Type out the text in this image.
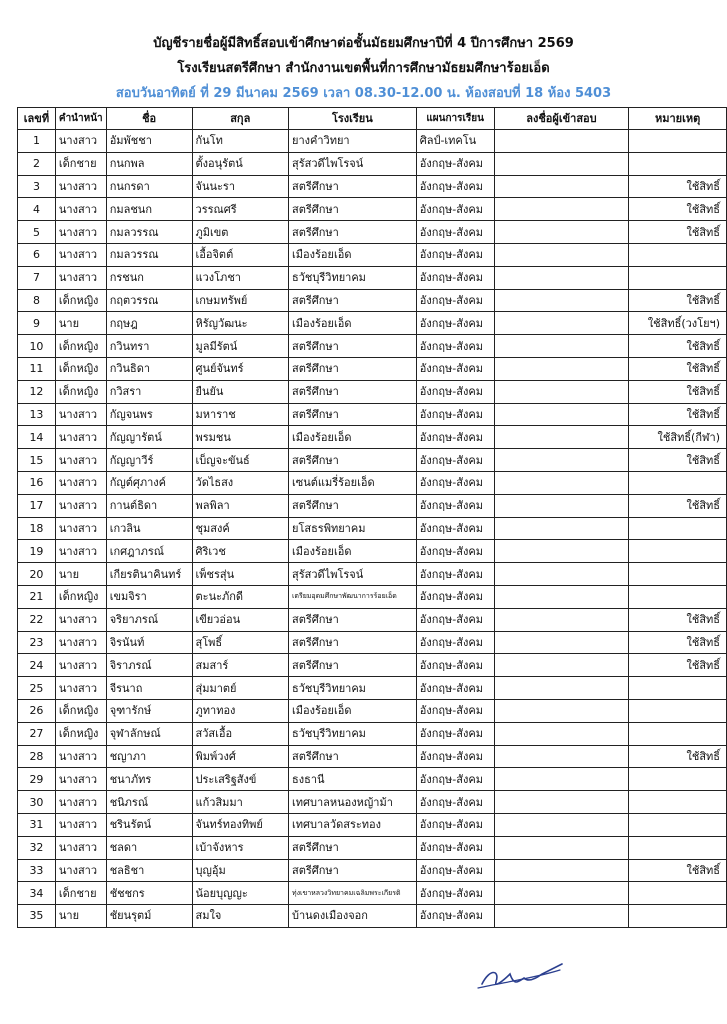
บัญชีรายชื่อผู้มีสิทธิ์สอบเข้าศึกษาต่อชั้นมัธยมศึกษาปีที่ 4 ปีการศึกษา 2569
โรงเรียนสตรีศึกษา สำนักงานเขตพื้นที่การศึกษามัธยมศึกษาร้อยเอ็ด
สอบวันอาทิตย์ ที่ 29 มีนาคม 2569 เวลา 08.30-12.00 น. ห้องสอบที่ 18 ห้อง 5403
เลขที่	คำนำหน้า	ชื่อ	สกุล	โรงเรียน	แผนการเรียน	ลงชื่อผู้เข้าสอบ	หมายเหตุ
1	นางสาว	อัมพัชชา	กันโท	ยางคำวิทยา	ศิลป์-เทคโน		
2	เด็กชาย	กนกพล	ตั้งอนุรัตน์	สุรัสวดีไพโรจน์	อังกฤษ-สังคม		
3	นางสาว	กนกรดา	จันนะรา	สตรีศึกษา	อังกฤษ-สังคม		ใช้สิทธิ์
4	นางสาว	กมลชนก	วรรณศรี	สตรีศึกษา	อังกฤษ-สังคม		ใช้สิทธิ์
5	นางสาว	กมลวรรณ	ภูมิเขต	สตรีศึกษา	อังกฤษ-สังคม		ใช้สิทธิ์
6	นางสาว	กมลวรรณ	เอื้อจิตต์	เมืองร้อยเอ็ด	อังกฤษ-สังคม		
7	นางสาว	กรชนก	แวงโภชา	ธวัชบุรีวิทยาคม	อังกฤษ-สังคม		
8	เด็กหญิง	กฤตวรรณ	เกษมทรัพย์	สตรีศึกษา	อังกฤษ-สังคม		ใช้สิทธิ์
9	นาย	กฤษฎ	หิรัญวัฒนะ	เมืองร้อยเอ็ด	อังกฤษ-สังคม		ใช้สิทธิ์(วงโยฯ)
10	เด็กหญิง	กวินทรา	มูลมีรัตน์	สตรีศึกษา	อังกฤษ-สังคม		ใช้สิทธิ์
11	เด็กหญิง	กวินธิดา	ศูนย์จันทร์	สตรีศึกษา	อังกฤษ-สังคม		ใช้สิทธิ์
12	เด็กหญิง	กวิสรา	ยืนยัน	สตรีศึกษา	อังกฤษ-สังคม		ใช้สิทธิ์
13	นางสาว	กัญจนพร	มหาราช	สตรีศึกษา	อังกฤษ-สังคม		ใช้สิทธิ์
14	นางสาว	กัญญารัตน์	พรมชน	เมืองร้อยเอ็ด	อังกฤษ-สังคม		ใช้สิทธิ์(กีฬา)
15	นางสาว	กัญญาวีร์	เบ็ญจะขันธ์	สตรีศึกษา	อังกฤษ-สังคม		ใช้สิทธิ์
16	นางสาว	กัญต์ศุภางค์	วัดไธสง	เซนต์แมรี่ร้อยเอ็ด	อังกฤษ-สังคม		
17	นางสาว	กานต์ธิดา	พลพิลา	สตรีศึกษา	อังกฤษ-สังคม		ใช้สิทธิ์
18	นางสาว	เกวลิน	ชุมสงค์	ยโสธรพิทยาคม	อังกฤษ-สังคม		
19	นางสาว	เกศฎาภรณ์	ศิริเวช	เมืองร้อยเอ็ด	อังกฤษ-สังคม		
20	นาย	เกียรตินาคินทร์	เพ็ชรสุ่น	สุรัสวดีไพโรจน์	อังกฤษ-สังคม		
21	เด็กหญิง	เขมจิรา	ตะนะภักดี	เตรียมอุดมศึกษาพัฒนาการร้อยเอ็ด	อังกฤษ-สังคม		
22	นางสาว	จริยาภรณ์	เขียวอ่อน	สตรีศึกษา	อังกฤษ-สังคม		ใช้สิทธิ์
23	นางสาว	จิรนันท์	สุโพธิ์	สตรีศึกษา	อังกฤษ-สังคม		ใช้สิทธิ์
24	นางสาว	จิราภรณ์	สมสาร์	สตรีศึกษา	อังกฤษ-สังคม		ใช้สิทธิ์
25	นางสาว	จีรนาถ	สุ่มมาตย์	ธวัชบุรีวิทยาคม	อังกฤษ-สังคม		
26	เด็กหญิง	จุฑารักษ์	ภูทาทอง	เมืองร้อยเอ็ด	อังกฤษ-สังคม		
27	เด็กหญิง	จุฬาลักษณ์	สวัสเอื้อ	ธวัชบุรีวิทยาคม	อังกฤษ-สังคม		
28	นางสาว	ชญาภา	พิมพ์วงศ์	สตรีศึกษา	อังกฤษ-สังคม		ใช้สิทธิ์
29	นางสาว	ชนาภัทร	ประเสริฐสังข์	ธงธานี	อังกฤษ-สังคม		
30	นางสาว	ชนิภรณ์	แก้วสิมมา	เทศบาลหนองหญ้าม้า	อังกฤษ-สังคม		
31	นางสาว	ชรินรัตน์	จันทร์ทองทิพย์	เทศบาลวัดสระทอง	อังกฤษ-สังคม		
32	นางสาว	ชลดา	เบ้าจังหาร	สตรีศึกษา	อังกฤษ-สังคม		
33	นางสาว	ชลธิชา	บุญอุ้ม	สตรีศึกษา	อังกฤษ-สังคม		ใช้สิทธิ์
34	เด็กชาย	ชัชชกร	น้อยบุญญะ	ทุ่งเขาหลวงวิทยาคมเฉลิมพระเกียรติ	อังกฤษ-สังคม		
35	นาย	ชัยนรุตม์	สมใจ	บ้านดงเมืองจอก	อังกฤษ-สังคม		
